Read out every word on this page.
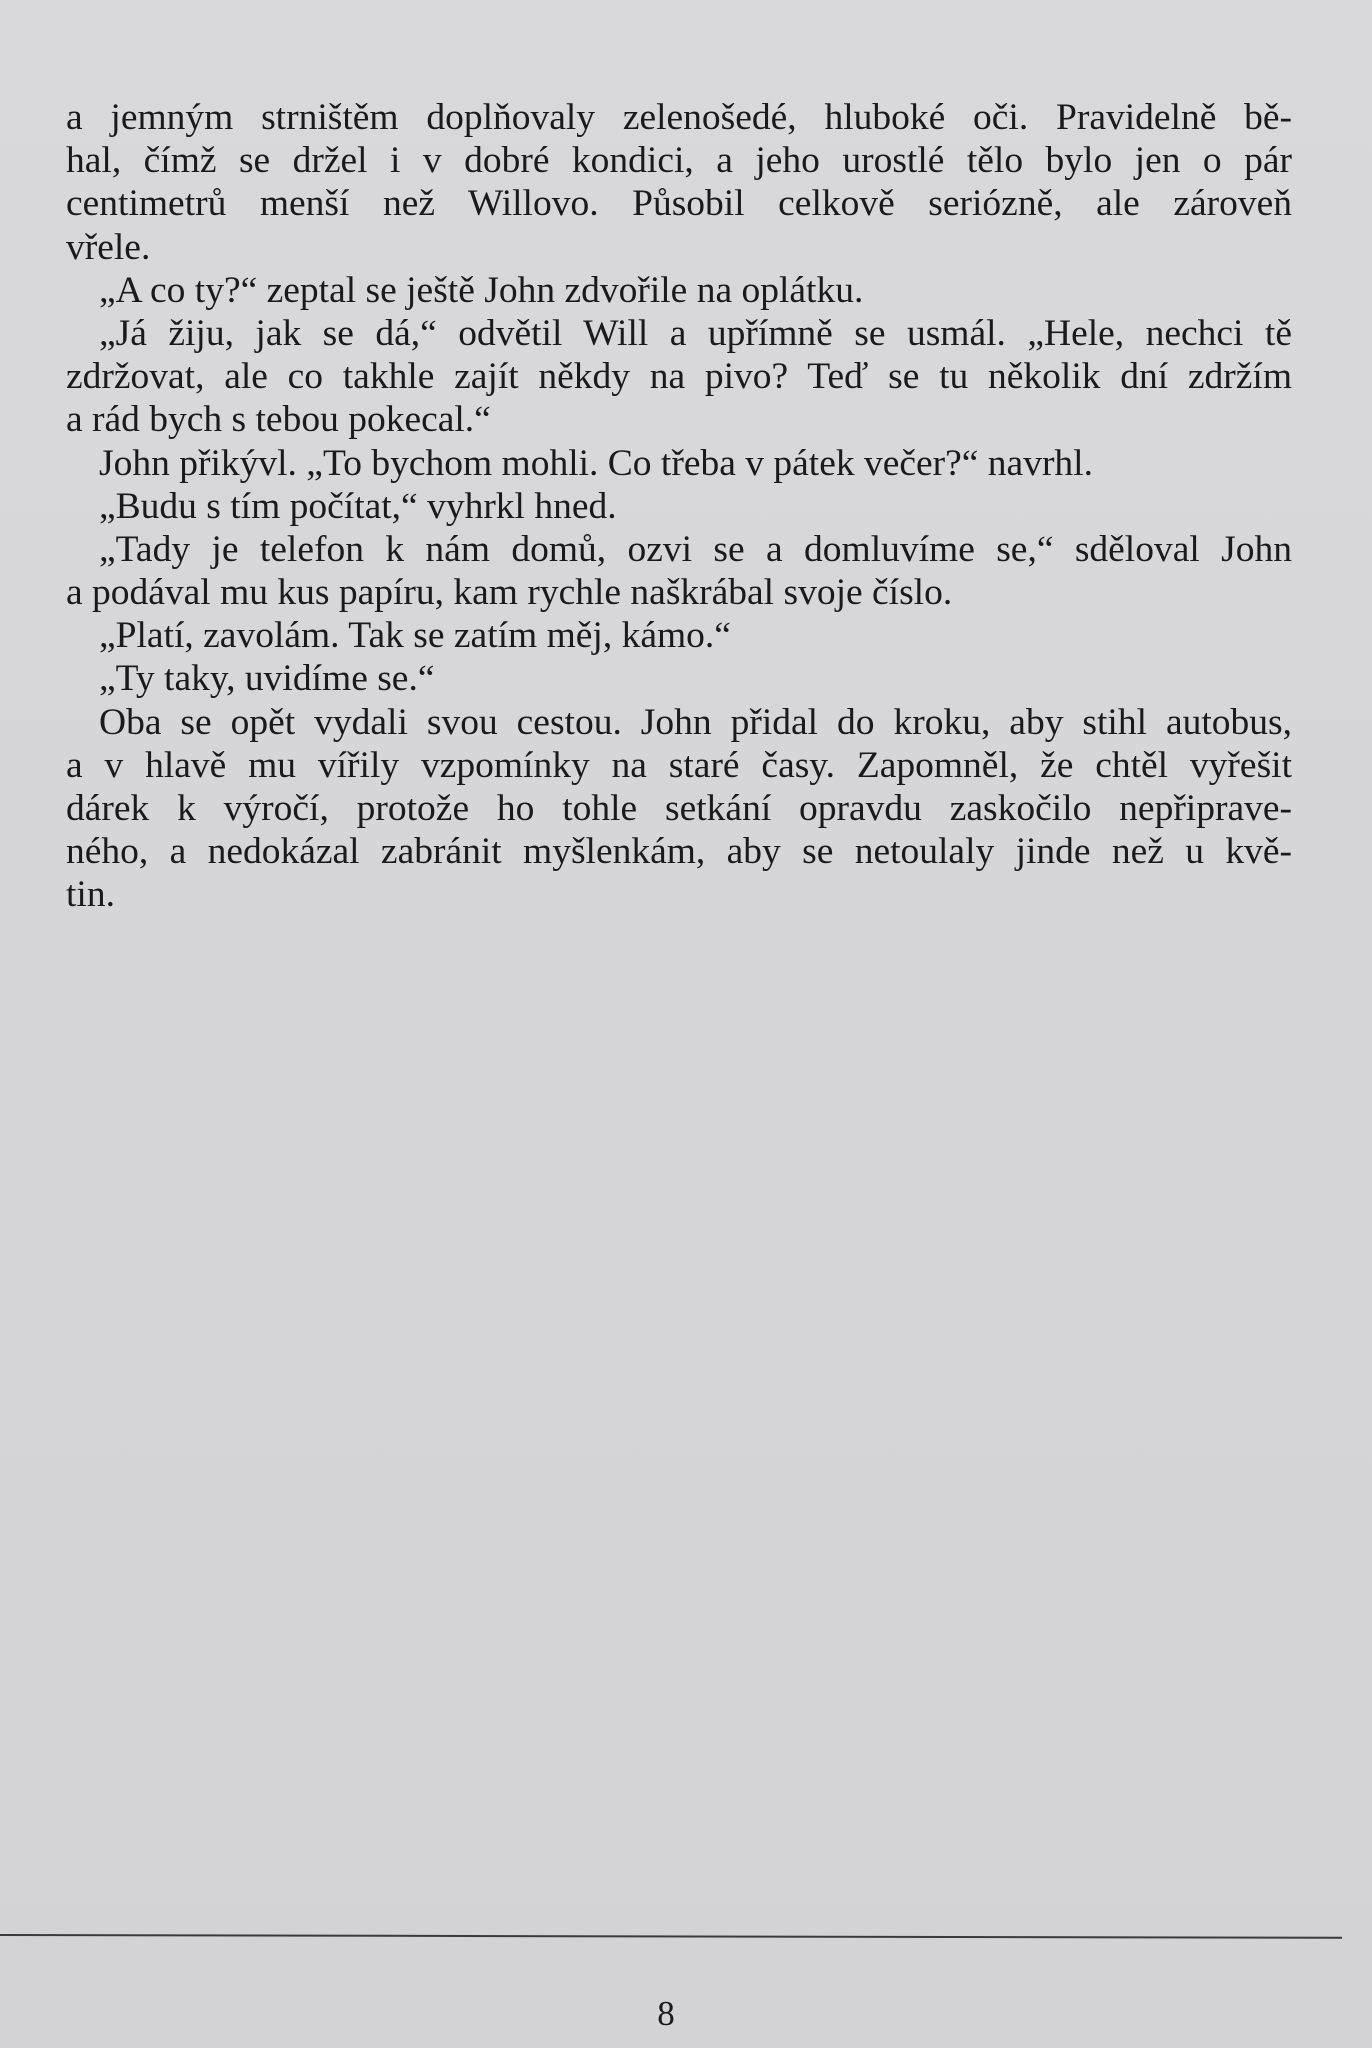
a jemným strništěm doplňovaly zelenošedé, hluboké oči. Pravidelně bě-
hal, čímž se držel i v dobré kondici, a jeho urostlé tělo bylo jen o pár
centimetrů menší než Willovo. Působil celkově seriózně, ale zároveň
vřele.
„A co ty?“ zeptal se ještě John zdvořile na oplátku.
„Já žiju, jak se dá,“ odvětil Will a upřímně se usmál. „Hele, nechci tě
zdržovat, ale co takhle zajít někdy na pivo? Teď se tu několik dní zdržím
a rád bych s tebou pokecal.“
John přikývl. „To bychom mohli. Co třeba v pátek večer?“ navrhl.
„Budu s tím počítat,“ vyhrkl hned.
„Tady je telefon k nám domů, ozvi se a domluvíme se,“ sděloval John
a podával mu kus papíru, kam rychle naškrábal svoje číslo.
„Platí, zavolám. Tak se zatím měj, kámo.“
„Ty taky, uvidíme se.“
Oba se opět vydali svou cestou. John přidal do kroku, aby stihl autobus,
a v hlavě mu vířily vzpomínky na staré časy. Zapomněl, že chtěl vyřešit
dárek k výročí, protože ho tohle setkání opravdu zaskočilo nepřiprave-
ného, a nedokázal zabránit myšlenkám, aby se netoulaly jinde než u kvě-
tin.
8
